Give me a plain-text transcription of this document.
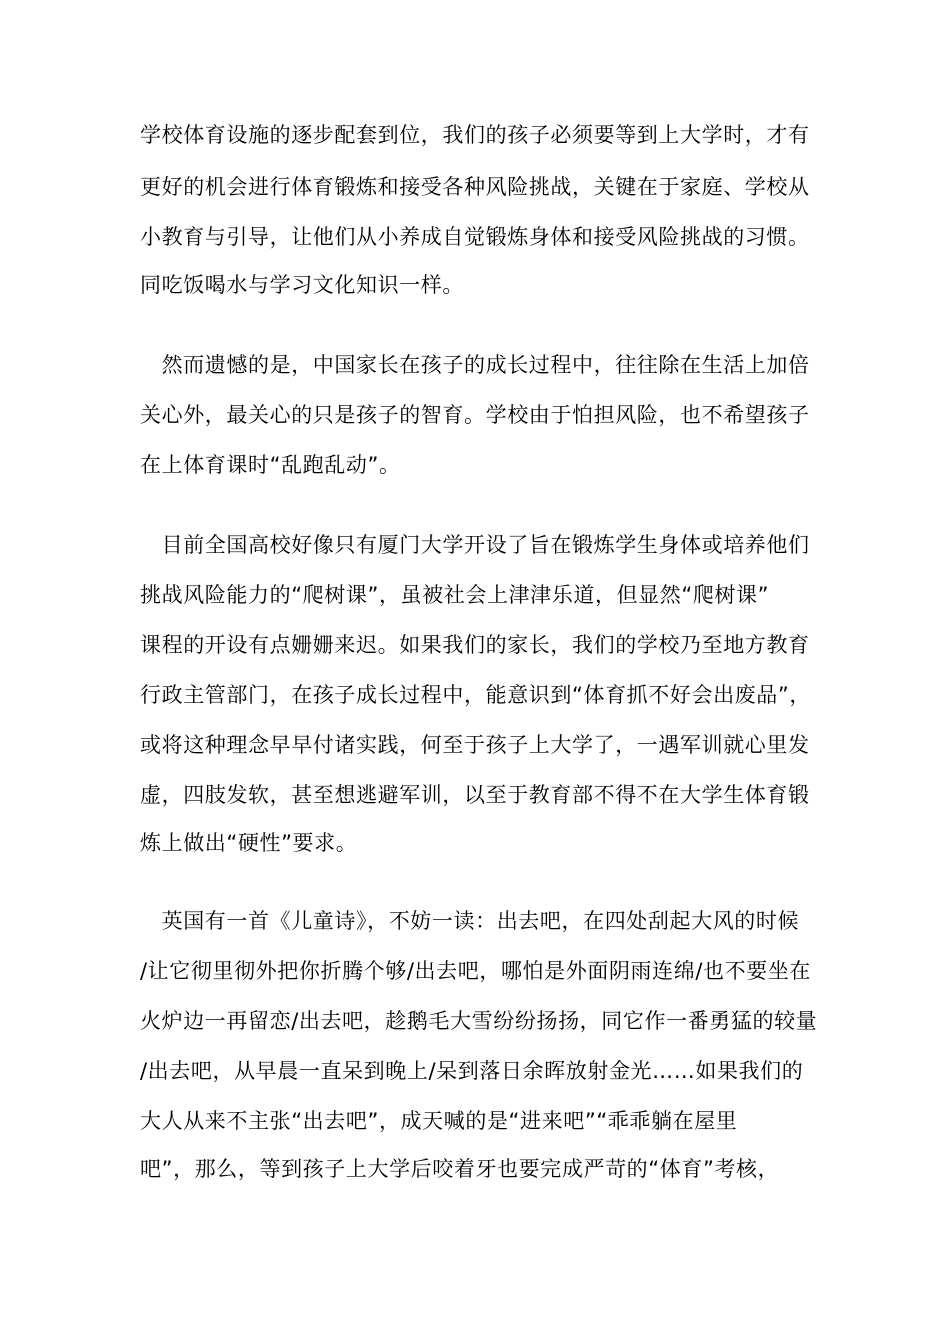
学校体育设施的逐步配套到位，我们的孩子必须要等到上大学时，才有
更好的机会进行体育锻炼和接受各种风险挑战，关键在于家庭、学校从
小教育与引导，让他们从小养成自觉锻炼身体和接受风险挑战的习惯。
同吃饭喝水与学习文化知识一样。
　然而遗憾的是，中国家长在孩子的成长过程中，往往除在生活上加倍
关心外，最关心的只是孩子的智育。学校由于怕担风险，也不希望孩子
在上体育课时“乱跑乱动”。
　目前全国高校好像只有厦门大学开设了旨在锻炼学生身体或培养他们
挑战风险能力的“爬树课”，虽被社会上津津乐道，但显然“爬树课”
课程的开设有点姗姗来迟。如果我们的家长，我们的学校乃至地方教育
行政主管部门，在孩子成长过程中，能意识到“体育抓不好会出废品”，
或将这种理念早早付诸实践，何至于孩子上大学了，一遇军训就心里发
虚，四肢发软，甚至想逃避军训，以至于教育部不得不在大学生体育锻
炼上做出“硬性”要求。
　英国有一首《儿童诗》，不妨一读：出去吧，在四处刮起大风的时候
/让它彻里彻外把你折腾个够/出去吧，哪怕是外面阴雨连绵/也不要坐在
火炉边一再留恋/出去吧，趁鹅毛大雪纷纷扬扬，同它作一番勇猛的较量
/出去吧，从早晨一直呆到晚上/呆到落日余晖放射金光……如果我们的
大人从来不主张“出去吧”，成天喊的是“进来吧”“乖乖躺在屋里
吧”，那么，等到孩子上大学后咬着牙也要完成严苛的“体育”考核，
